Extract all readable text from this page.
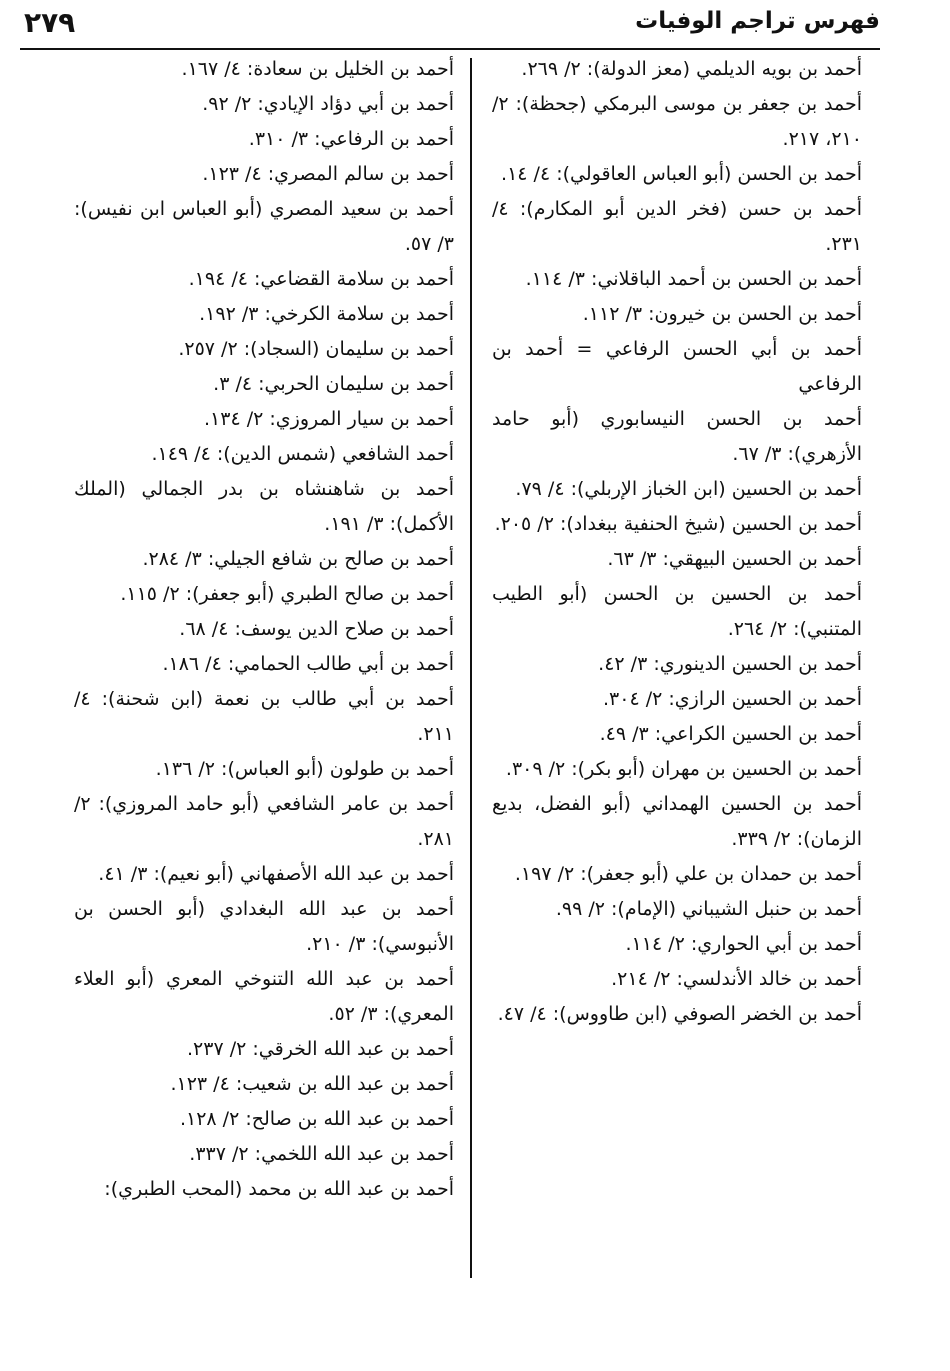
فهرس تراجم الوفيات
٢٧٩

أحمد بن بويه الديلمي (معز الدولة): ٢/ ٢٦٩.

أحمد بن جعفر بن موسى البرمكي (جحظة): ٢/ ٢١٠، ٢١٧.

أحمد بن الحسن (أبو العباس العاقولي): ٤/ ١٤.

أحمد بن حسن (فخر الدين أبو المكارم): ٤/ ٢٣١.

أحمد بن الحسن بن أحمد الباقلاني: ٣/ ١١٤.

أحمد بن الحسن بن خيرون: ٣/ ١١٢.

أحمد بن أبي الحسن الرفاعي = أحمد بن الرفاعي

أحمد بن الحسن النيسابوري (أبو حامد الأزهري): ٣/ ٦٧.

أحمد بن الحسين (ابن الخباز الإربلي): ٤/ ٧٩.

أحمد بن الحسين (شيخ الحنفية ببغداد): ٢/ ٢٠٥.

أحمد بن الحسين البيهقي: ٣/ ٦٣.

أحمد بن الحسين بن الحسن (أبو الطيب المتنبي): ٢/ ٢٦٤.

أحمد بن الحسين الدينوري: ٣/ ٤٢.

أحمد بن الحسين الرازي: ٢/ ٣٠٤.

أحمد بن الحسين الكراعي: ٣/ ٤٩.

أحمد بن الحسين بن مهران (أبو بكر): ٢/ ٣٠٩.

أحمد بن الحسين الهمداني (أبو الفضل، بديع الزمان): ٢/ ٣٣٩.

أحمد بن حمدان بن علي (أبو جعفر): ٢/ ١٩٧.

أحمد بن حنبل الشيباني (الإمام): ٢/ ٩٩.

أحمد بن أبي الحواري: ٢/ ١١٤.

أحمد بن خالد الأندلسي: ٢/ ٢١٤.

أحمد بن الخضر الصوفي (ابن طاووس): ٤/ ٤٧.

أحمد بن الخليل بن سعادة: ٤/ ١٦٧.

أحمد بن أبي دؤاد الإيادي: ٢/ ٩٢.

أحمد بن الرفاعي: ٣/ ٣١٠.

أحمد بن سالم المصري: ٤/ ١٢٣.

أحمد بن سعيد المصري (أبو العباس ابن نفيس): ٣/ ٥٧.

أحمد بن سلامة القضاعي: ٤/ ١٩٤.

أحمد بن سلامة الكرخي: ٣/ ١٩٢.

أحمد بن سليمان (السجاد): ٢/ ٢٥٧.

أحمد بن سليمان الحربي: ٤/ ٣.

أحمد بن سيار المروزي: ٢/ ١٣٤.

أحمد الشافعي (شمس الدين): ٤/ ١٤٩.

أحمد بن شاهنشاه بن بدر الجمالي (الملك الأكمل): ٣/ ١٩١.

أحمد بن صالح بن شافع الجيلي: ٣/ ٢٨٤.

أحمد بن صالح الطبري (أبو جعفر): ٢/ ١١٥.

أحمد بن صلاح الدين يوسف: ٤/ ٦٨.

أحمد بن أبي طالب الحمامي: ٤/ ١٨٦.

أحمد بن أبي طالب بن نعمة (ابن شحنة): ٤/ ٢١١.

أحمد بن طولون (أبو العباس): ٢/ ١٣٦.

أحمد بن عامر الشافعي (أبو حامد المروزي): ٢/ ٢٨١.

أحمد بن عبد الله الأصفهاني (أبو نعيم): ٣/ ٤١.

أحمد بن عبد الله البغدادي (أبو الحسن بن الأنبوسي): ٣/ ٢١٠.

أحمد بن عبد الله التنوخي المعري (أبو العلاء المعري): ٣/ ٥٢.

أحمد بن عبد الله الخرقي: ٢/ ٢٣٧.

أحمد بن عبد الله بن شعيب: ٤/ ١٢٣.

أحمد بن عبد الله بن صالح: ٢/ ١٢٨.

أحمد بن عبد الله اللخمي: ٢/ ٣٣٧.

أحمد بن عبد الله بن محمد (المحب الطبري):
